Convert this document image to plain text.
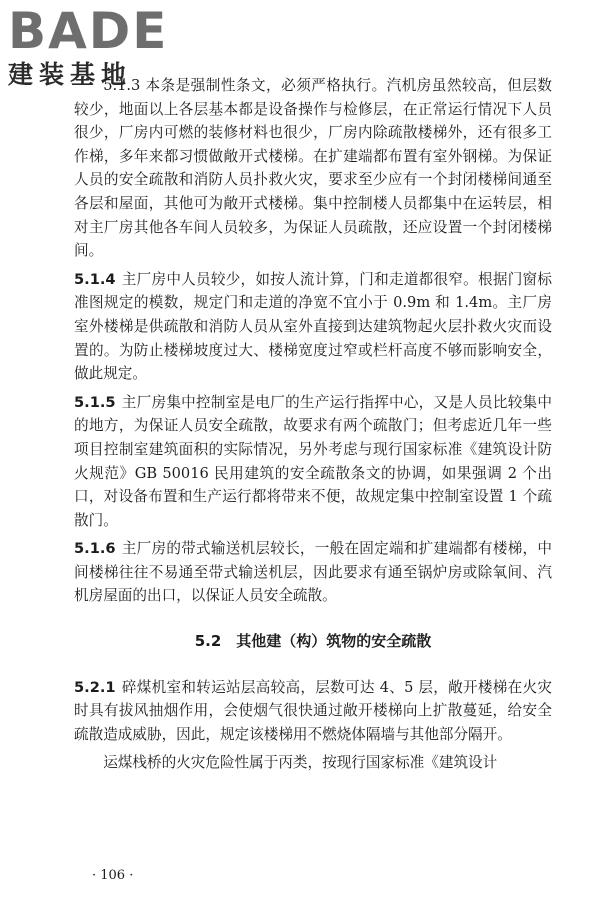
BADE
建装基地

5.1.3 本条是强制性条文，必须严格执行。汽机房虽然较高，但层数较少，地面以上各层基本都是设备操作与检修层，在正常运行情况下人员很少，厂房内可燃的装修材料也很少，厂房内除疏散楼梯外，还有很多工作梯，多年来都习惯做敞开式楼梯。在扩建端都布置有室外钢梯。为保证人员的安全疏散和消防人员扑救火灾，要求至少应有一个封闭楼梯间通至各层和屋面，其他可为敞开式楼梯。集中控制楼人员都集中在运转层，相对主厂房其他各车间人员较多，为保证人员疏散，还应设置一个封闭楼梯间。

5.1.4 主厂房中人员较少，如按人流计算，门和走道都很窄。根据门窗标准图规定的模数，规定门和走道的净宽不宜小于 0.9m 和 1.4m。主厂房室外楼梯是供疏散和消防人员从室外直接到达建筑物起火层扑救火灾而设置的。为防止楼梯坡度过大、楼梯宽度过窄或栏杆高度不够而影响安全，做此规定。

5.1.5 主厂房集中控制室是电厂的生产运行指挥中心，又是人员比较集中的地方，为保证人员安全疏散，故要求有两个疏散门；但考虑近几年一些项目控制室建筑面积的实际情况，另外考虑与现行国家标准《建筑设计防火规范》GB 50016 民用建筑的安全疏散条文的协调，如果强调 2 个出口，对设备布置和生产运行都将带来不便，故规定集中控制室设置 1 个疏散门。

5.1.6 主厂房的带式输送机层较长，一般在固定端和扩建端都有楼梯，中间楼梯往往不易通至带式输送机层，因此要求有通至锅炉房或除氧间、汽机房屋面的出口，以保证人员安全疏散。

5.2　其他建（构）筑物的安全疏散

5.2.1 碎煤机室和转运站层高较高，层数可达 4、5 层，敞开楼梯在火灾时具有拔风抽烟作用，会使烟气很快通过敞开楼梯向上扩散蔓延，给安全疏散造成威胁，因此，规定该楼梯用不燃烧体隔墙与其他部分隔开。

运煤栈桥的火灾危险性属于丙类，按现行国家标准《建筑设计

· 106 ·
